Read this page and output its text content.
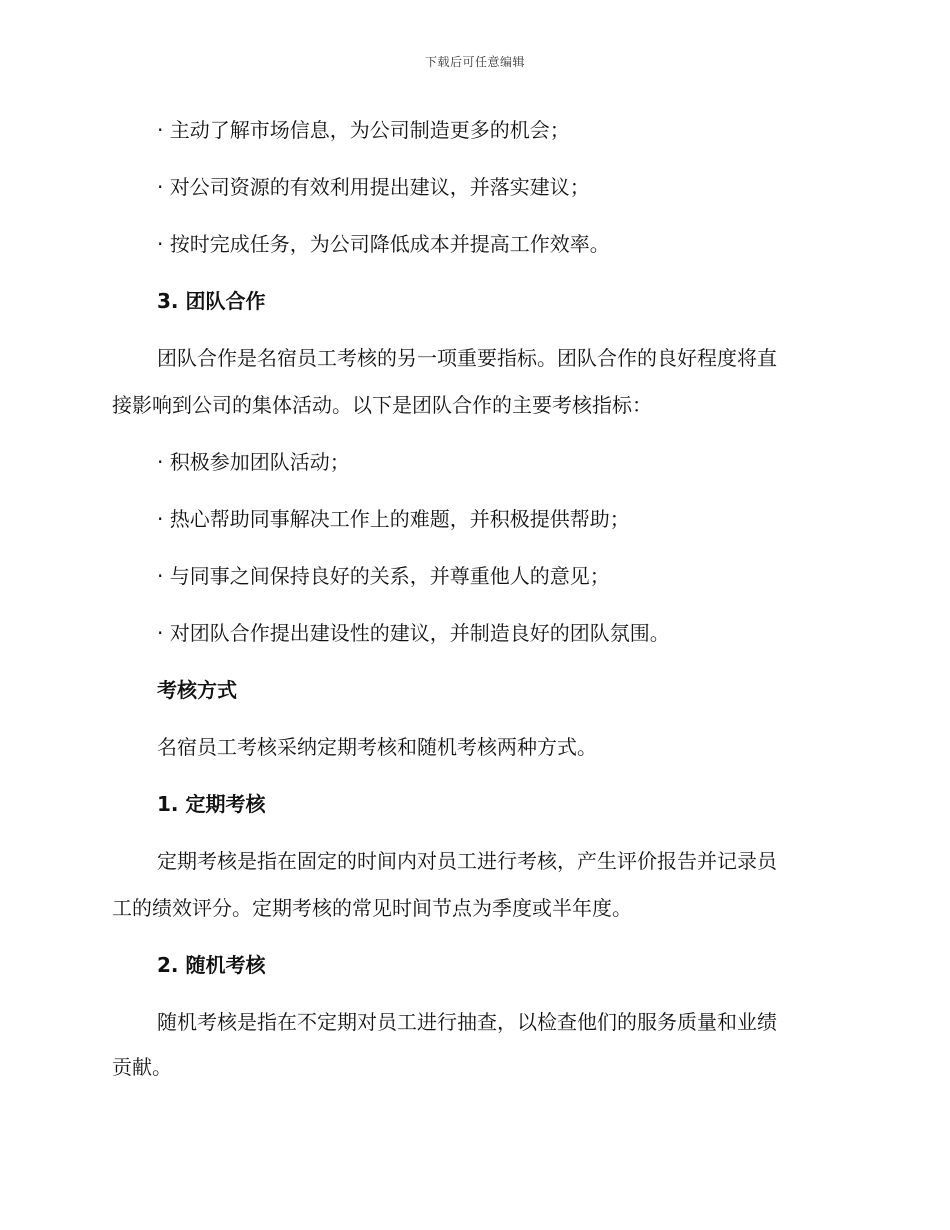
下载后可任意编辑
· 主动了解市场信息，为公司制造更多的机会；
· 对公司资源的有效利用提出建议，并落实建议；
· 按时完成任务，为公司降低成本并提高工作效率。
3. 团队合作
团队合作是名宿员工考核的另一项重要指标。团队合作的良好程度将直
接影响到公司的集体活动。以下是团队合作的主要考核指标：
· 积极参加团队活动；
· 热心帮助同事解决工作上的难题，并积极提供帮助；
· 与同事之间保持良好的关系，并尊重他人的意见；
· 对团队合作提出建设性的建议，并制造良好的团队氛围。
考核方式
名宿员工考核采纳定期考核和随机考核两种方式。
1. 定期考核
定期考核是指在固定的时间内对员工进行考核，产生评价报告并记录员
工的绩效评分。定期考核的常见时间节点为季度或半年度。
2. 随机考核
随机考核是指在不定期对员工进行抽查，以检查他们的服务质量和业绩
贡献。
